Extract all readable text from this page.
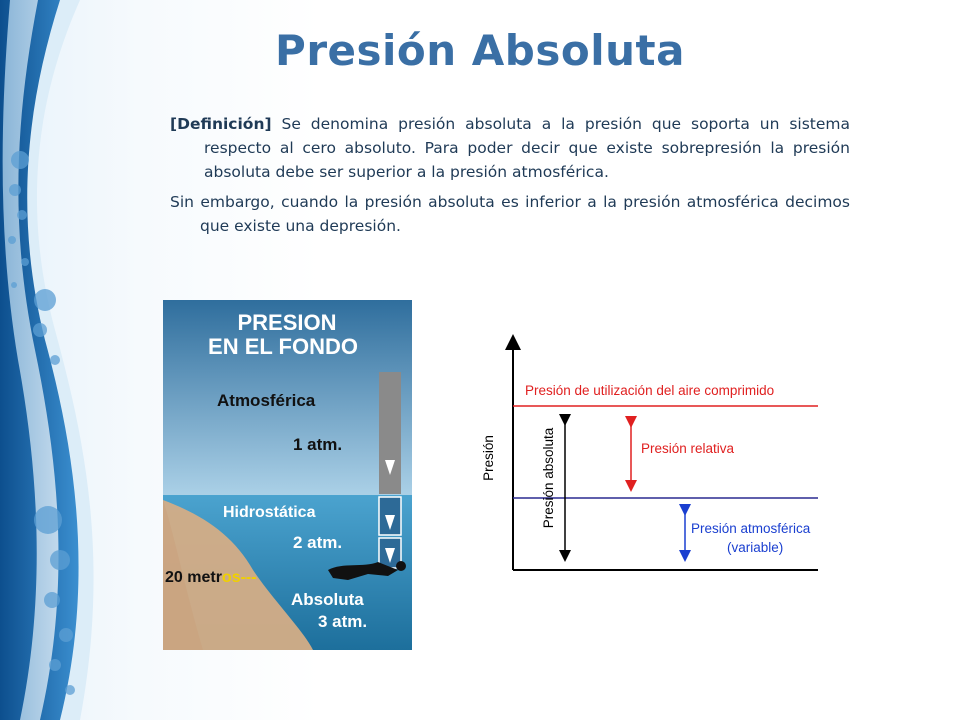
Presión Absoluta

[Definición] Se denomina presión absoluta a la presión que soporta un sistema respecto al cero absoluto. Para poder decir que existe sobrepresión la presión absoluta debe ser superior a la presión atmosférica.

Sin embargo, cuando la presión absoluta es inferior a la presión atmosférica decimos que existe una depresión.

PRESION
EN EL FONDO
Atmosférica
1 atm.
Hidrostática
2 atm.
20 metros---
Absoluta
3 atm.
Presión de utilización del aire comprimido
Presión relativa
Presión atmosférica
(variable)
Presión	Presión absoluta
